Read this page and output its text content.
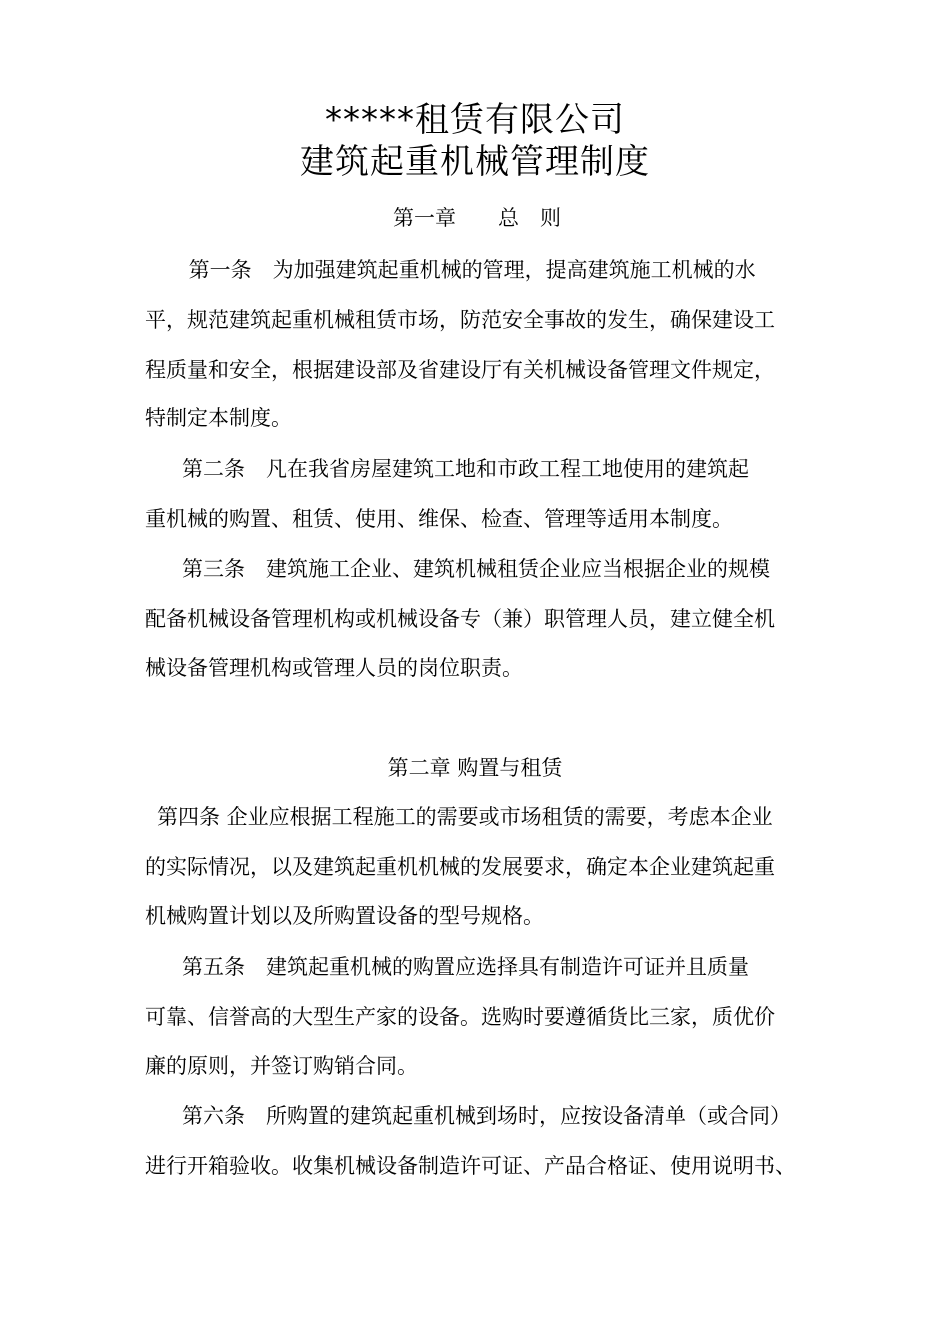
*****租赁有限公司
建筑起重机械管理制度
第一章　　总　则
第一条　为加强建筑起重机械的管理，提高建筑施工机械的水
平，规范建筑起重机械租赁市场，防范安全事故的发生，确保建设工
程质量和安全，根据建设部及省建设厅有关机械设备管理文件规定，
特制定本制度。
第二条　凡在我省房屋建筑工地和市政工程工地使用的建筑起
重机械的购置、租赁、使用、维保、检查、管理等适用本制度。
第三条　建筑施工企业、建筑机械租赁企业应当根据企业的规模
配备机械设备管理机构或机械设备专（兼）职管理人员，建立健全机
械设备管理机构或管理人员的岗位职责。
第二章 购置与租赁
第四条 企业应根据工程施工的需要或市场租赁的需要，考虑本企业
的实际情况，以及建筑起重机机械的发展要求，确定本企业建筑起重
机械购置计划以及所购置设备的型号规格。
第五条　建筑起重机械的购置应选择具有制造许可证并且质量
可靠、信誉高的大型生产家的设备。选购时要遵循货比三家，质优价
廉的原则，并签订购销合同。
第六条　所购置的建筑起重机械到场时，应按设备清单（或合同）
进行开箱验收。收集机械设备制造许可证、产品合格证、使用说明书、
